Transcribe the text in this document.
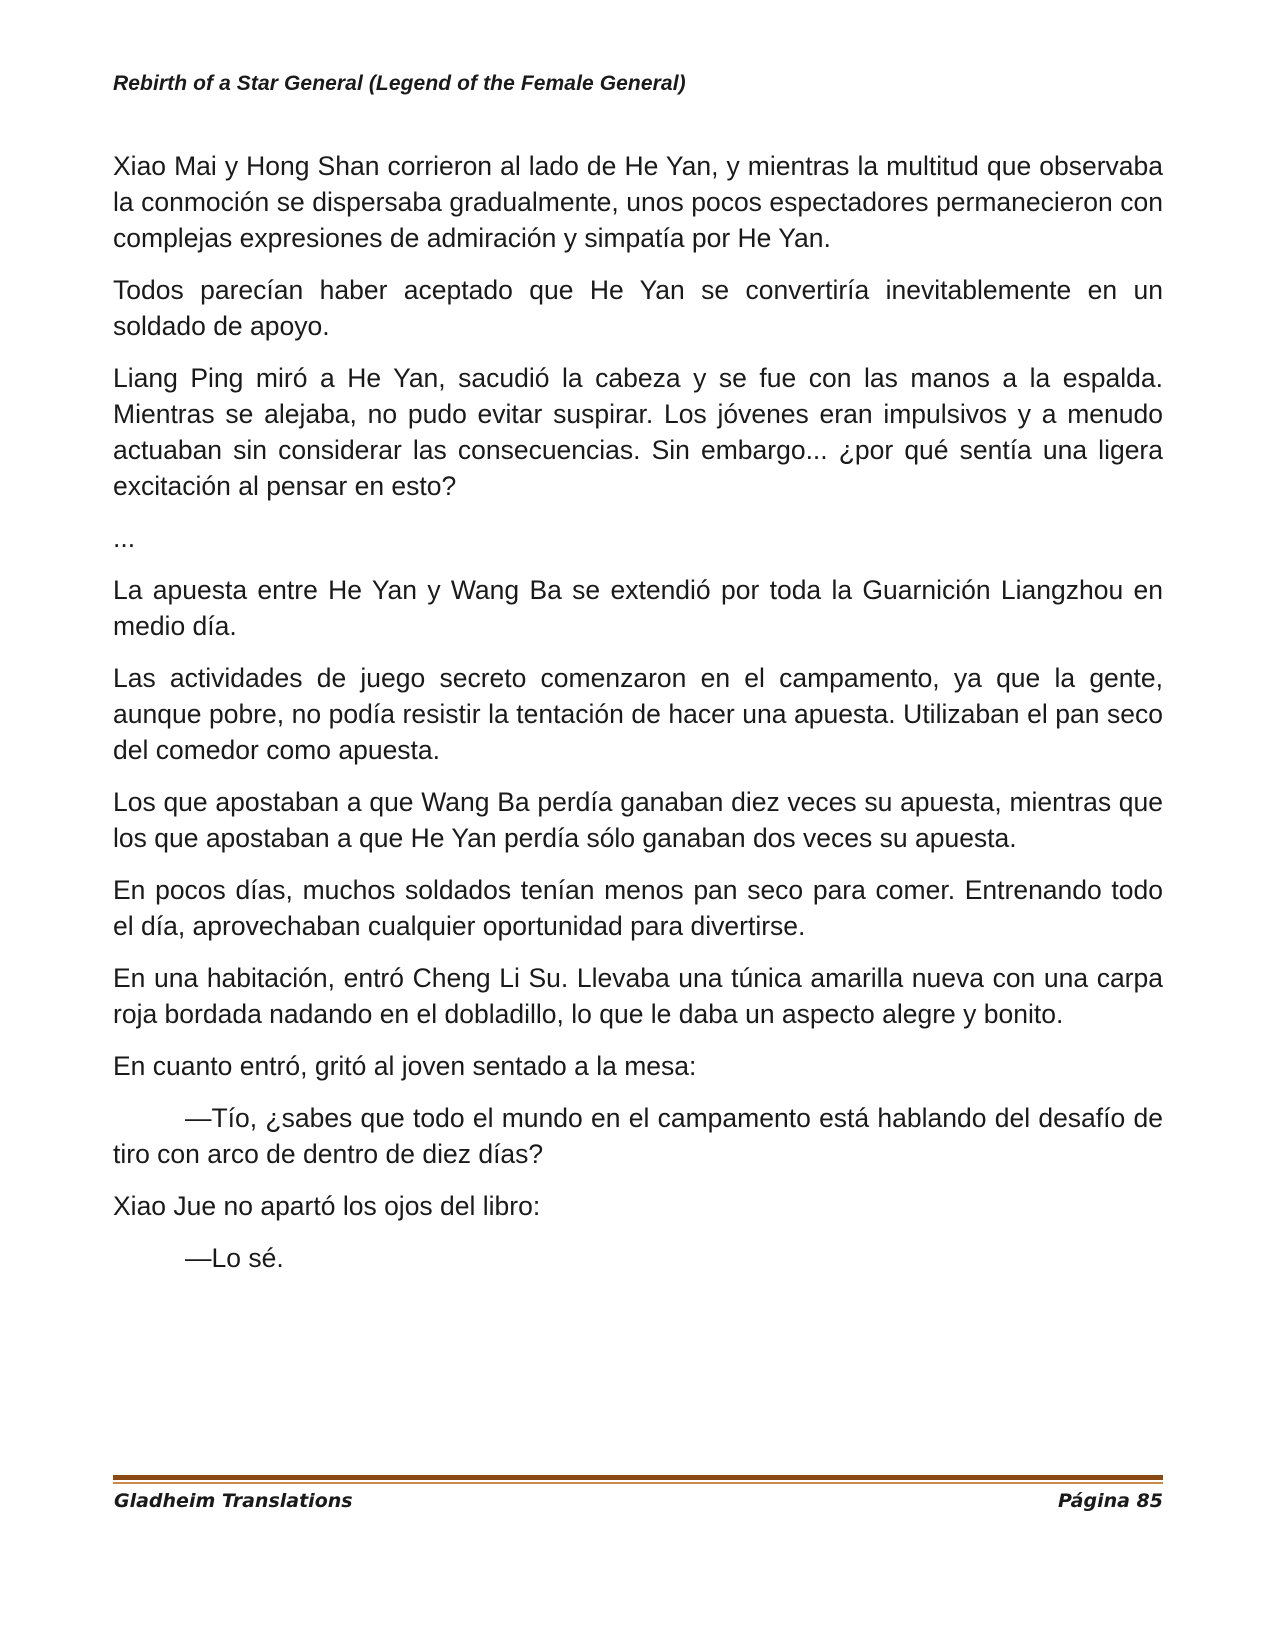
Rebirth of a Star General (Legend of the Female General)

Xiao Mai y Hong Shan corrieron al lado de He Yan, y mientras la multitud que observaba la conmoción se dispersaba gradualmente, unos pocos espectadores permanecieron con complejas expresiones de admiración y simpatía por He Yan.

Todos parecían haber aceptado que He Yan se convertiría inevitablemente en un soldado de apoyo.

Liang Ping miró a He Yan, sacudió la cabeza y se fue con las manos a la espalda. Mientras se alejaba, no pudo evitar suspirar. Los jóvenes eran impulsivos y a menudo actuaban sin considerar las consecuencias. Sin embargo... ¿por qué sentía una ligera excitación al pensar en esto?

...

La apuesta entre He Yan y Wang Ba se extendió por toda la Guarnición Liangzhou en medio día.

Las actividades de juego secreto comenzaron en el campamento, ya que la gente, aunque pobre, no podía resistir la tentación de hacer una apuesta. Utilizaban el pan seco del comedor como apuesta.

Los que apostaban a que Wang Ba perdía ganaban diez veces su apuesta, mientras que los que apostaban a que He Yan perdía sólo ganaban dos veces su apuesta.

En pocos días, muchos soldados tenían menos pan seco para comer. Entrenando todo el día, aprovechaban cualquier oportunidad para divertirse.

En una habitación, entró Cheng Li Su. Llevaba una túnica amarilla nueva con una carpa roja bordada nadando en el dobladillo, lo que le daba un aspecto alegre y bonito.

En cuanto entró, gritó al joven sentado a la mesa:

—Tío, ¿sabes que todo el mundo en el campamento está hablando del desafío de tiro con arco de dentro de diez días?

Xiao Jue no apartó los ojos del libro:

—Lo sé.

Gladheim Translations	Página 85
